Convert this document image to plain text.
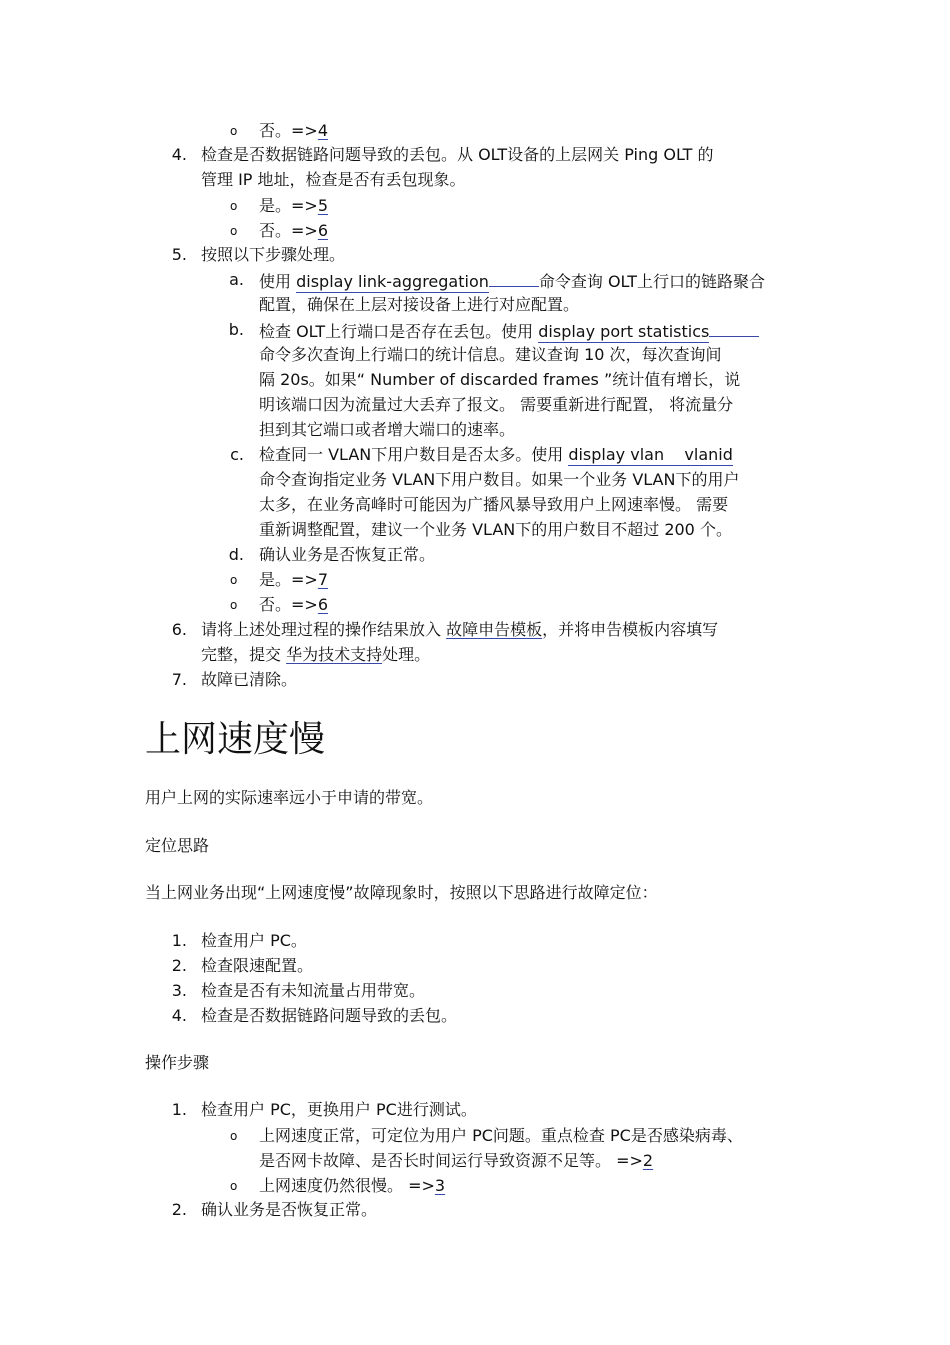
o 否。=>4
4. 检查是否数据链路问题导致的丢包。从 OLT设备的上层网关 Ping OLT 的
管理 IP 地址，检查是否有丢包现象。
o 是。=>5
o 否。=>6
5. 按照以下步骤处理。
a. 使用 display link-aggregation	命令查询 OLT上行口的链路聚合
配置，确保在上层对接设备上进行对应配置。
b. 检查 OLT上行端口是否存在丢包。使用 display port statistics
命令多次查询上行端口的统计信息。建议查询 10 次，每次查询间
隔 20s。如果“ Number of discarded frames ”统计值有增长，说
明该端口因为流量过大丢弃了报文。 需要重新进行配置， 将流量分
担到其它端口或者增大端口的速率。
c. 检查同一 VLAN下用户数目是否太多。使用 display vlan    vlanid
命令查询指定业务 VLAN下用户数目。如果一个业务 VLAN下的用户
太多，在业务高峰时可能因为广播风暴导致用户上网速率慢。 需要
重新调整配置，建议一个业务 VLAN下的用户数目不超过 200 个。
d. 确认业务是否恢复正常。
o 是。=>7
o 否。=>6
6. 请将上述处理过程的操作结果放入 故障申告模板，并将申告模板内容填写
完整，提交 华为技术支持处理。
7. 故障已清除。
上网速度慢
用户上网的实际速率远小于申请的带宽。
定位思路
当上网业务出现“上网速度慢”故障现象时，按照以下思路进行故障定位：
1. 检查用户 PC。
2. 检查限速配置。
3. 检查是否有未知流量占用带宽。
4. 检查是否数据链路问题导致的丢包。
操作步骤
1. 检查用户 PC，更换用户 PC进行测试。
o 上网速度正常，可定位为用户 PC问题。重点检查 PC是否感染病毒、
是否网卡故障、是否长时间运行导致资源不足等。 =>2
o 上网速度仍然很慢。 =>3
2. 确认业务是否恢复正常。
